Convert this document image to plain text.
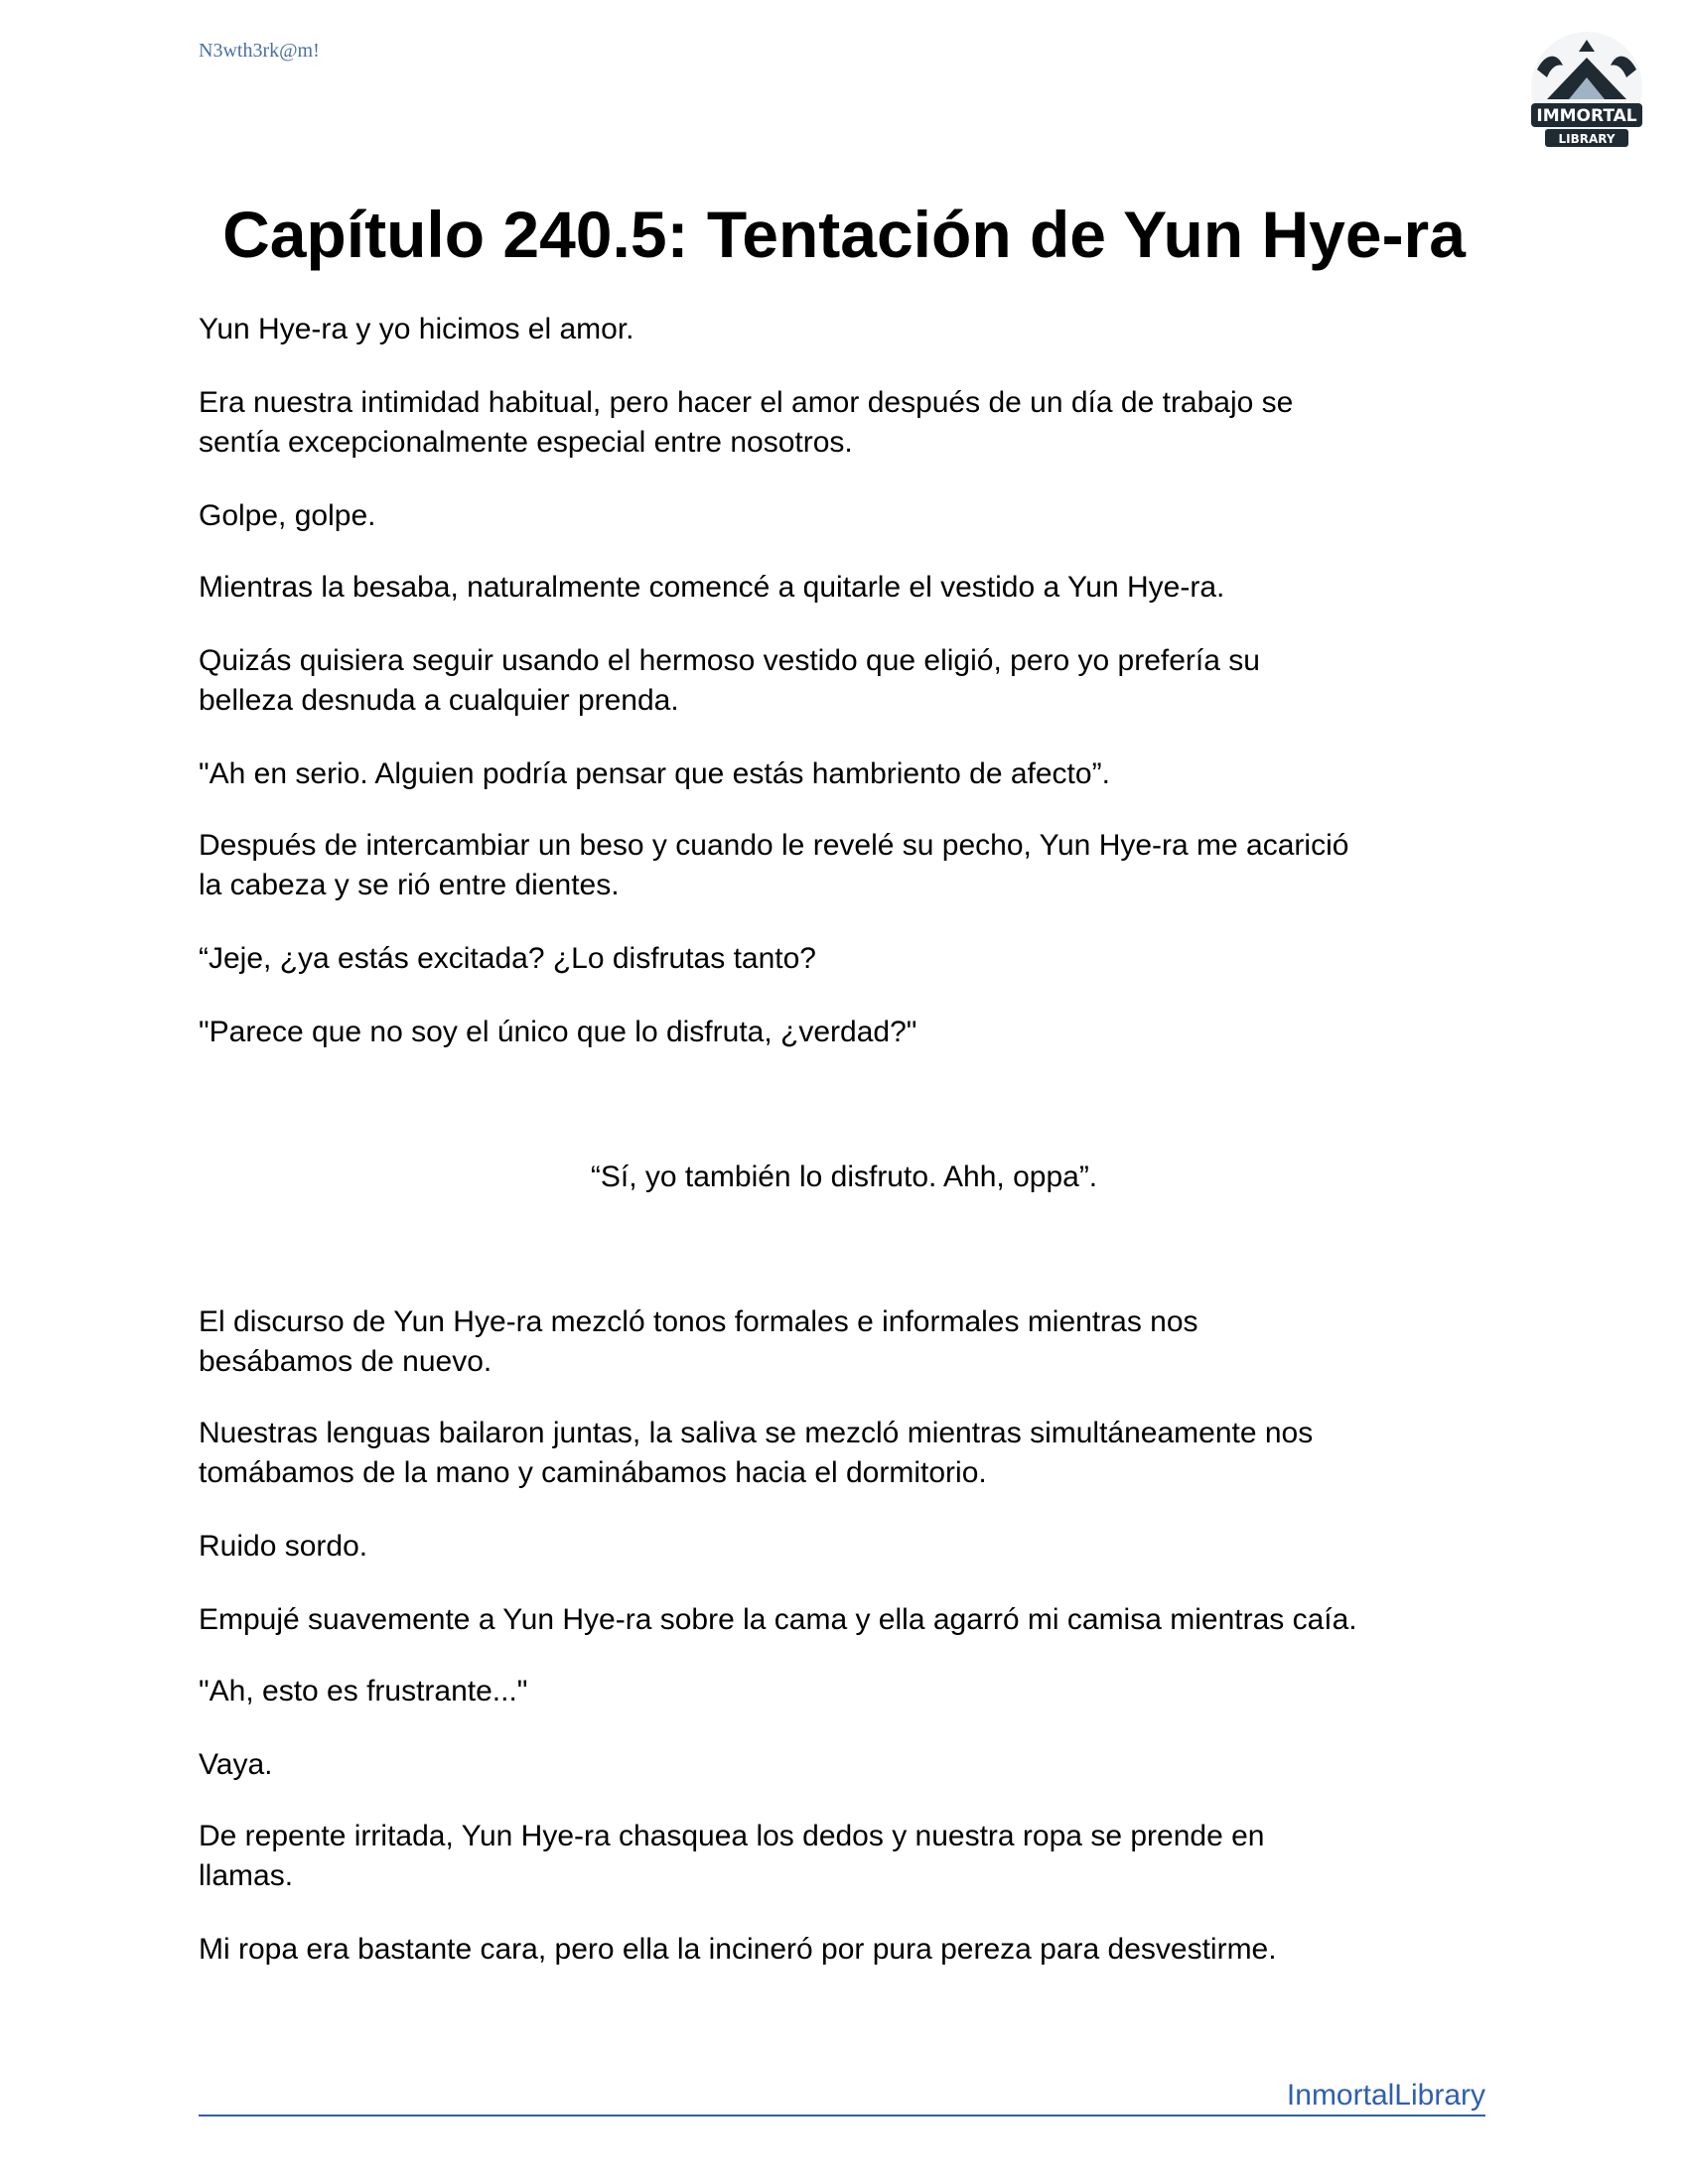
N3wth3rk@m!
IMMORTAL
LIBRARY
Capítulo 240.5: Tentación de Yun Hye-ra

Yun Hye-ra y yo hicimos el amor.

Era nuestra intimidad habitual, pero hacer el amor después de un día de trabajo se
sentía excepcionalmente especial entre nosotros.

Golpe, golpe.

Mientras la besaba, naturalmente comencé a quitarle el vestido a Yun Hye-ra.

Quizás quisiera seguir usando el hermoso vestido que eligió, pero yo prefería su
belleza desnuda a cualquier prenda.

"Ah en serio. Alguien podría pensar que estás hambriento de afecto”.

Después de intercambiar un beso y cuando le revelé su pecho, Yun Hye-ra me acarició
la cabeza y se rió entre dientes.

“Jeje, ¿ya estás excitada? ¿Lo disfrutas tanto?

"Parece que no soy el único que lo disfruta, ¿verdad?"

“Sí, yo también lo disfruto. Ahh, oppa”.

El discurso de Yun Hye-ra mezcló tonos formales e informales mientras nos
besábamos de nuevo.

Nuestras lenguas bailaron juntas, la saliva se mezcló mientras simultáneamente nos
tomábamos de la mano y caminábamos hacia el dormitorio.

Ruido sordo.

Empujé suavemente a Yun Hye-ra sobre la cama y ella agarró mi camisa mientras caía.

"Ah, esto es frustrante..."

Vaya.

De repente irritada, Yun Hye-ra chasquea los dedos y nuestra ropa se prende en
llamas.

Mi ropa era bastante cara, pero ella la incineró por pura pereza para desvestirme.

InmortalLibrary
